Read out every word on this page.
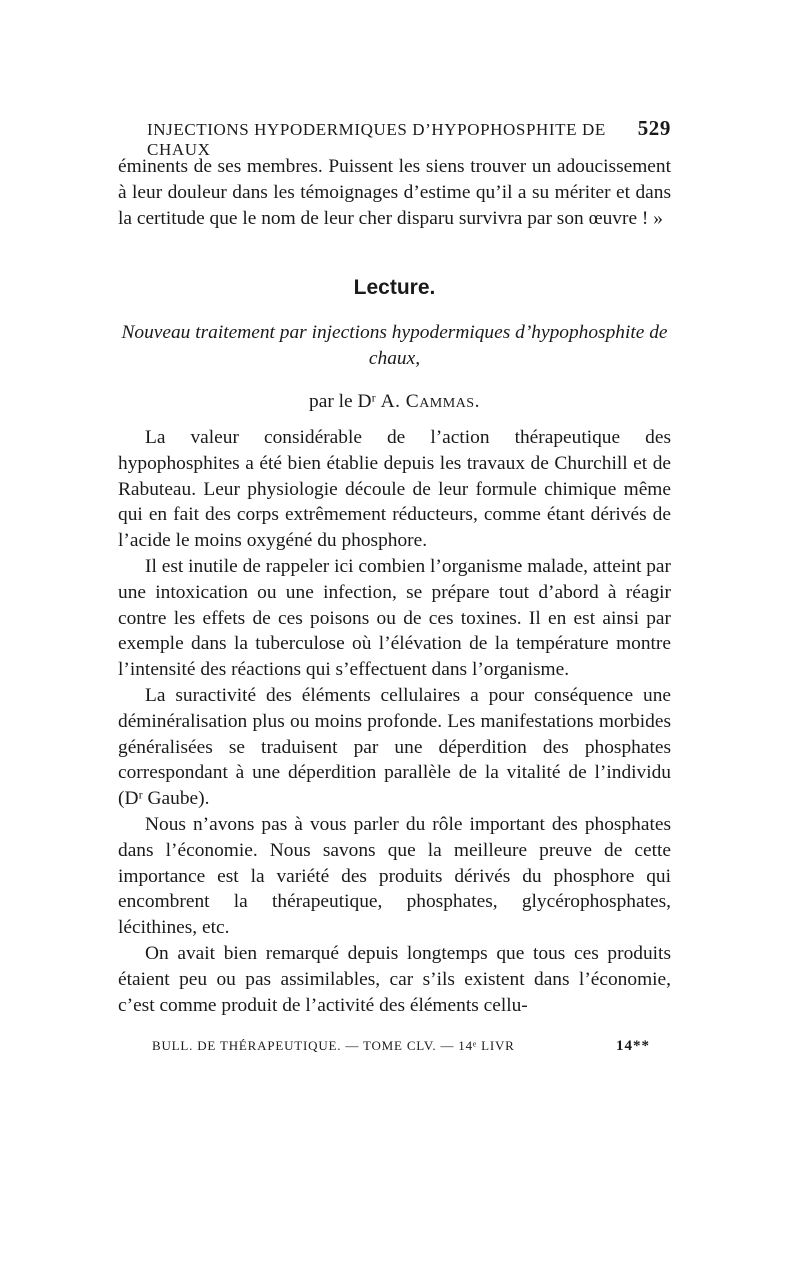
INJECTIONS HYPODERMIQUES D’HYPOPHOSPHITE DE CHAUX
529

éminents de ses membres. Puissent les siens trouver un adoucissement à leur douleur dans les témoignages d’estime qu’il a su mériter et dans la certitude que le nom de leur cher disparu survivra par son œuvre ! »

Lecture.
Nouveau traitement par injections hypodermiques d’hypophosphite de chaux,
par le Dʳ A. Cammas.

La valeur considérable de l’action thérapeutique des hypophosphites a été bien établie depuis les travaux de Churchill et de Rabuteau. Leur physiologie découle de leur formule chimique même qui en fait des corps extrêmement réducteurs, comme étant dérivés de l’acide le moins oxygéné du phosphore.

Il est inutile de rappeler ici combien l’organisme malade, atteint par une intoxication ou une infection, se prépare tout d’abord à réagir contre les effets de ces poisons ou de ces toxines. Il en est ainsi par exemple dans la tuberculose où l’élévation de la température montre l’intensité des réactions qui s’effectuent dans l’organisme.

La suractivité des éléments cellulaires a pour conséquence une déminéralisation plus ou moins profonde. Les manifestations morbides généralisées se traduisent par une déperdition des phosphates correspondant à une déperdition parallèle de la vitalité de l’individu (Dʳ Gaube).

Nous n’avons pas à vous parler du rôle important des phosphates dans l’économie. Nous savons que la meilleure preuve de cette importance est la variété des produits dérivés du phosphore qui encombrent la thérapeutique, phosphates, glycérophosphates, lécithines, etc.

On avait bien remarqué depuis longtemps que tous ces produits étaient peu ou pas assimilables, car s’ils existent dans l’économie, c’est comme produit de l’activité des éléments cellu-

BULL. DE THÉRAPEUTIQUE. — TOME CLV. — 14ᵉ LIVR	14**
